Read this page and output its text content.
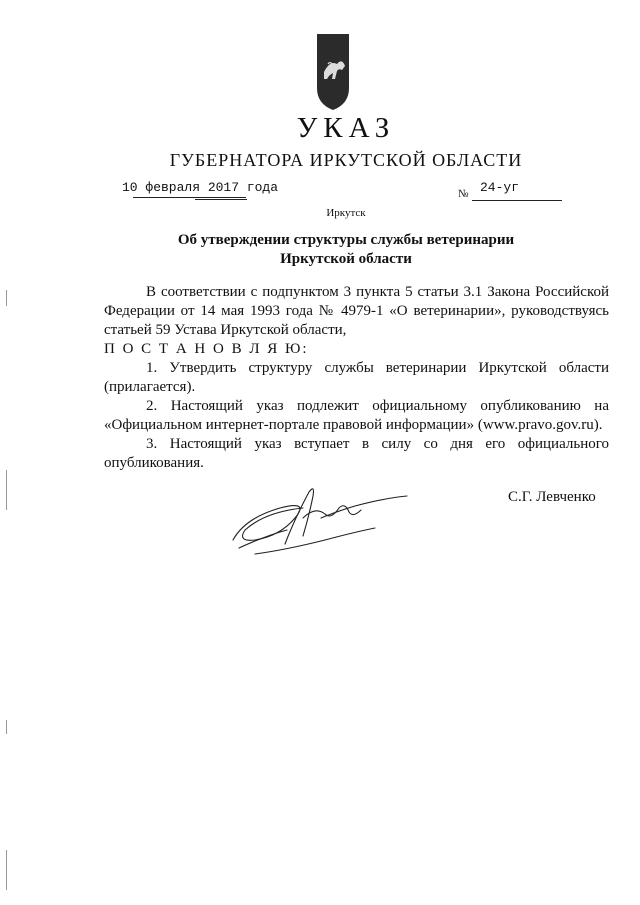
УКАЗ
ГУБЕРНАТОРА ИРКУТСКОЙ ОБЛАСТИ
10 февраля 2017 года	№ 24-уг
Иркутск
Об утверждении структуры службы ветеринарии
Иркутской области

В соответствии с подпунктом 3 пункта 5 статьи 3.1 Закона Российской Федерации от 14 мая 1993 года № 4979-1 «О ветеринарии», руководствуясь статьей 59 Устава Иркутской области,

П О С Т А Н О В Л Я Ю:

1. Утвердить структуру службы ветеринарии Иркутской области (прилагается).

2. Настоящий указ подлежит официальному опубликованию на «Официальном интернет-портале правовой информации» (www.pravo.gov.ru).

3. Настоящий указ вступает в силу со дня его официального опубликования.

С.Г. Левченко
